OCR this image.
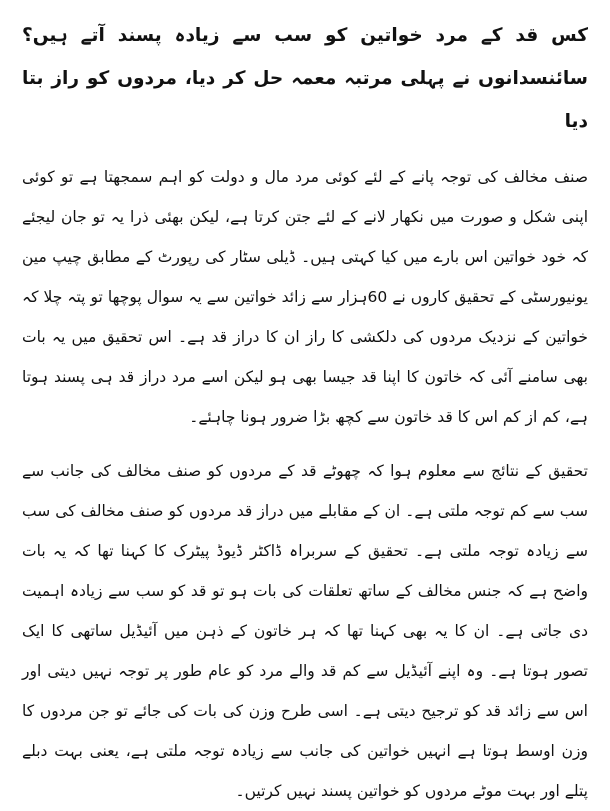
کس قد کے مرد خواتین کو سب سے زیادہ پسند آتے ہیں؟ سائنسدانوں نے پہلی مرتبہ معمہ حل کر دیا، مردوں کو راز بتا دیا

صنف مخالف کی توجہ پانے کے لئے کوئی مرد مال و دولت کو اہم سمجھتا ہے تو کوئی اپنی شکل و صورت میں نکھار لانے کے لئے جتن کرتا ہے، لیکن بھئی ذرا یہ تو جان لیجئے کہ خود خواتین اس بارے میں کیا کہتی ہیں۔ ڈیلی سٹار کی رپورٹ کے مطابق چیپ مین یونیورسٹی کے تحقیق کاروں نے 60ہزار سے زائد خواتین سے یہ سوال پوچھا تو پتہ چلا کہ خواتین کے نزدیک مردوں کی دلکشی کا راز ان کا دراز قد ہے۔ اس تحقیق میں یہ بات بھی سامنے آئی کہ خاتون کا اپنا قد جیسا بھی ہو لیکن اسے مرد دراز قد ہی پسند ہوتا ہے، کم از کم اس کا قد خاتون سے کچھ بڑا ضرور ہونا چاہئے۔

تحقیق کے نتائج سے معلوم ہوا کہ چھوٹے قد کے مردوں کو صنف مخالف کی جانب سے سب سے کم توجہ ملتی ہے۔ ان کے مقابلے میں دراز قد مردوں کو صنف مخالف کی سب سے زیادہ توجہ ملتی ہے۔ تحقیق کے سربراہ ڈاکٹر ڈیوڈ پیٹرک کا کہنا تھا کہ یہ بات واضح ہے کہ جنس مخالف کے ساتھ تعلقات کی بات ہو تو قد کو سب سے زیادہ اہمیت دی جاتی ہے۔ ان کا یہ بھی کہنا تھا کہ ہر خاتون کے ذہن میں آئیڈیل ساتھی کا ایک تصور ہوتا ہے۔ وہ اپنے آئیڈیل سے کم قد والے مرد کو عام طور پر توجہ نہیں دیتی اور اس سے زائد قد کو ترجیح دیتی ہے۔ اسی طرح وزن کی بات کی جائے تو جن مردوں کا وزن اوسط ہوتا ہے انہیں خواتین کی جانب سے زیادہ توجہ ملتی ہے، یعنی بہت دبلے پتلے اور بہت موٹے مردوں کو خواتین پسند نہیں کرتیں۔
